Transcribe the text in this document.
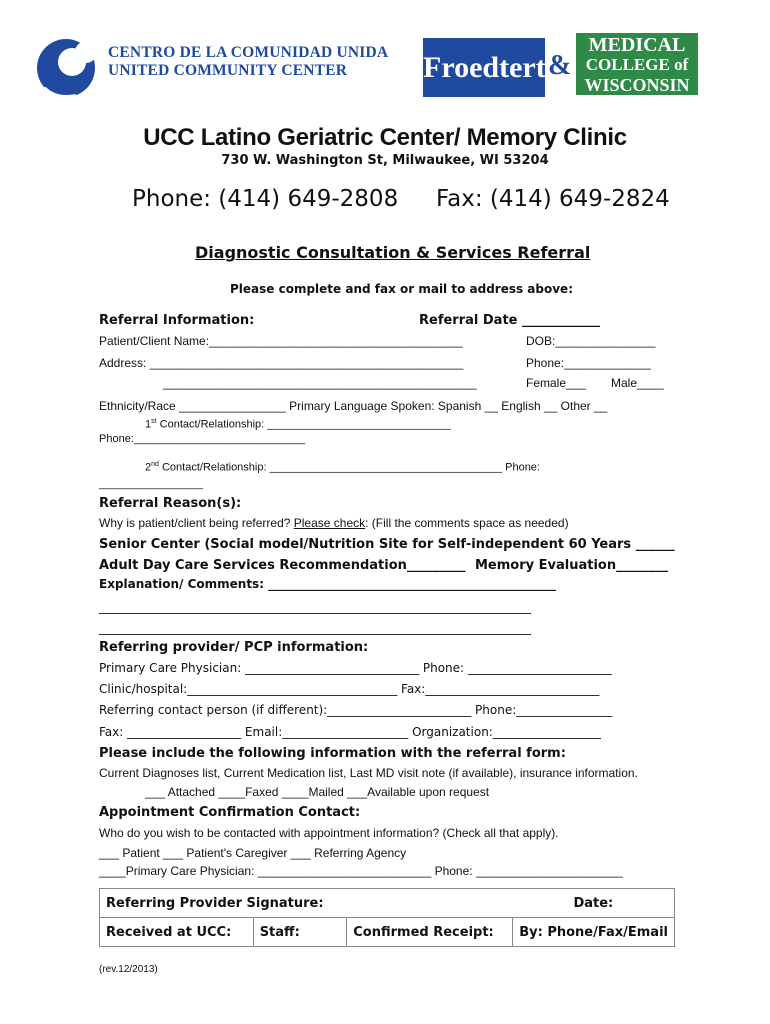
CENTRO DE LA COMUNIDAD UNIDA
UNITED COMMUNITY CENTER	Froedtert &
MEDICAL
COLLEGE of
WISCONSIN
UCC Latino Geriatric Center/ Memory Clinic
730 W. Washington St, Milwaukee, WI 53204
Phone: (414) 649-2808 Fax: (414) 649-2824
Diagnostic Consultation & Services Referral
Please complete and fax or mail to address above:
Referral Information:	Referral Date ____________
Patient/Client Name:______________________________________	DOB:_______________
Address: _______________________________________________	Phone:_____________
_______________________________________________	Female___ Male____
Ethnicity/Race ________________ Primary Language Spoken: Spanish __ English __ Other __
1st Contact/Relationship: ______________________________
Phone:____________________________
2nd Contact/Relationship: ______________________________________ Phone:
_________________
Referral Reason(s):
Why is patient/client being referred? Please check: (Fill the comments space as needed)
Senior Center (Social model/Nutrition Site for Self-independent 60 Years ______
Adult Day Care Services Recommendation_________ Memory Evaluation________
Explanation/ Comments: ________________________________________________
________________________________________________________________________
________________________________________________________________________
Referring provider/ PCP information:
Primary Care Physician: _____________________________ Phone: ________________________
Clinic/hospital:___________________________________ Fax:_____________________________
Referring contact person (if different):________________________ Phone:________________
Fax: ___________________ Email:_____________________ Organization:__________________
Please include the following information with the referral form:
Current Diagnoses list, Current Medication list, Last MD visit note (if available), insurance information.
___ Attached ____Faxed ____Mailed ___Available upon request
Appointment Confirmation Contact:
Who do you wish to be contacted with appointment information? (Check all that apply).
___ Patient ___ Patient's Caregiver ___ Referring Agency
____Primary Care Physician: __________________________ Phone: ______________________
Referring Provider Signature:			Date:
Received at UCC:	Staff:	Confirmed Receipt:	By: Phone/Fax/Email
(rev.12/2013)
